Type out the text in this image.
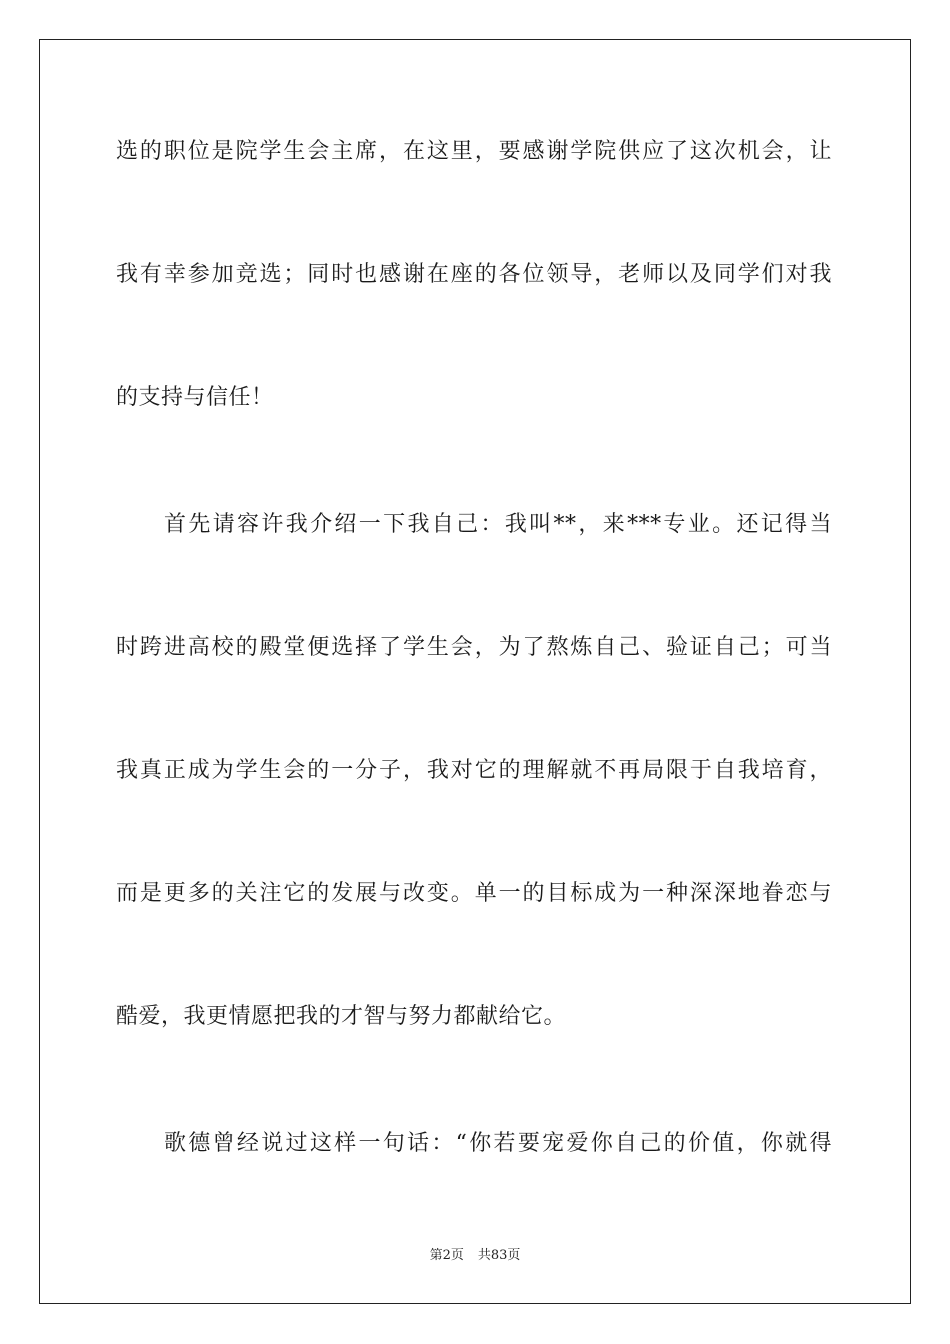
选的职位是院学生会主席，在这里，要感谢学院供应了这次机会，让
我有幸参加竞选；同时也感谢在座的各位领导，老师以及同学们对我
的支持与信任！
首先请容许我介绍一下我自己：我叫**，来***专业。还记得当
时跨进高校的殿堂便选择了学生会，为了熬炼自己、验证自己；可当
我真正成为学生会的一分子，我对它的理解就不再局限于自我培育，
而是更多的关注它的发展与改变。单一的目标成为一种深深地眷恋与
酷爱，我更情愿把我的才智与努力都献给它。
歌德曾经说过这样一句话：“你若要宠爱你自己的价值，你就得
第2页 共83页
